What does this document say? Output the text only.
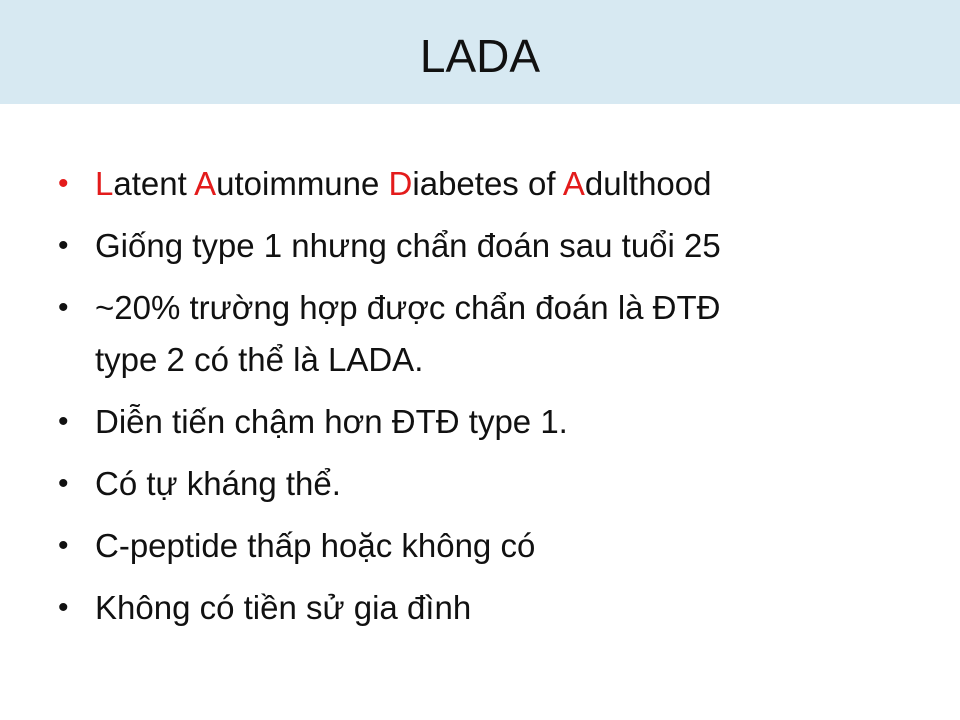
LADA
• Latent Autoimmune Diabetes of Adulthood
• Giống type 1 nhưng chẩn đoán sau tuổi 25
• ~20% trường hợp được chẩn đoán là ĐTĐ
type 2 có thể là LADA.
• Diễn tiến chậm hơn ĐTĐ type 1.
• Có tự kháng thể.
• C-peptide thấp hoặc không có
• Không có tiền sử gia đình
